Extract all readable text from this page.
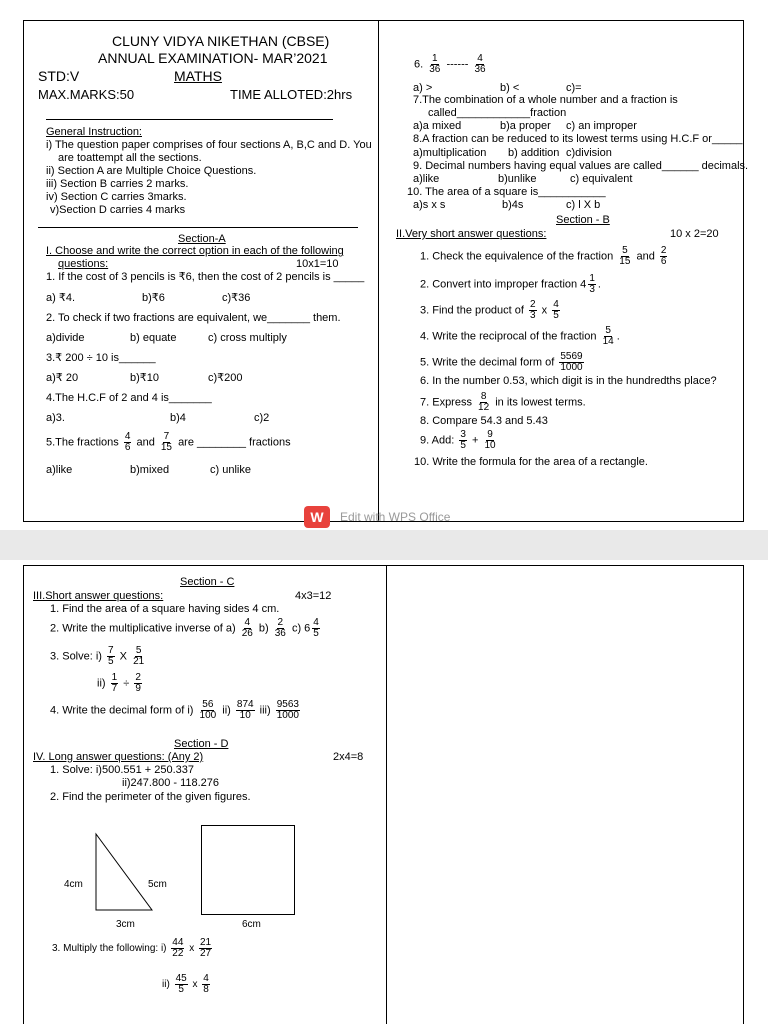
CLUNY VIDYA NIKETHAN (CBSE)
ANNUAL EXAMINATION- MAR’2021
STD:V	MATHS
MAX.MARKS:50	TIME ALLOTED:2hrs
General Instruction:
i) The question paper comprises of four sections A, B,C and D. You
are toattempt all the sections.
ii) Section A are Multiple Choice Questions.
iii) Section B carries 2 marks.
iv) Section C carries 3marks.
v)Section D carries 4 marks
Section-A
I. Choose and write the correct option in each of the following
questions:	10x1=10
1. If the cost of 3 pencils is ₹6, then the cost of 2 pencils is _____
a) ₹4.	b)₹6	c)₹36
2. To check if two fractions are equivalent, we_______ them.
a)divide	b) equate	c) cross multiply
3.₹ 200 ÷ 10 is______
a)₹ 20	b)₹10	c)₹200
4.The H.C.F of 2 and 4 is_______
a)3.	b)4	c)2
5.The fractions $\frac{4}{6}$ and $\frac{7}{15}$ are ________ fractions
a)like	b)mixed	c) unlike
6. $\frac{1}{36}$ ------ $\frac{4}{36}$
a) >	b) <	c)=
7.The combination of a whole number and a fraction is
called____________fraction
a)a mixed	b)a proper c) an improper
8.A fraction can be reduced to its lowest terms using H.C.F or_____
a)multiplication b) addition c)division
9. Decimal numbers having equal values are called______ decimals.
a)like	b)unlike	c) equivalent
10. The area of a square is___________
a)s x s	b)4s	c) l X b
Section - B
II.Very short answer questions:	10 x 2=20
1. Check the equivalence of the fraction $\frac{5}{15}$ and $\frac{2}{6}$
2. Convert into improper fraction $4 \frac{1}{3}$ .
3. Find the product of $\frac{2}{3}$ x $\frac{4}{5}$
4. Write the reciprocal of the fraction $\frac{5}{14}$ .
5. Write the decimal form of $\frac{5569}{1000}$
6. In the number 0.53, which digit is in the hundredths place?
7. Express $\frac{8}{12}$ in its lowest terms.
8. Compare 54.3 and 5.43
9. Add: $\frac{3}{5} + \frac{9}{10}$
10. Write the formula for the area of a rectangle.
W	Edit with WPS Office
Section - C
III.Short answer questions:	4x3=12
1. Find the area of a square having sides 4 cm.
2. Write the multiplicative inverse of $a) \frac{4}{26} b) \frac{2}{36} c$) $6 \frac{4}{5}$
3. Solve: $i) \frac{7}{5}$ X $\frac{5}{21}$
$ii) \frac{1}{7} \div \frac{2}{9}$
4. Write the decimal form of $i) \frac{56}{100} ii) \frac{874}{10} iii) \frac{9563}{1000}$
Section - D
IV. Long answer questions: (Any 2)	2x4=8
1. Solve: i)500.551 + 250.337
ii)247.800 - 118.276
2. Find the perimeter of the given figures.
4cm	5cm
3cm	6cm
3. Multiply the following: $i) \frac{44}{22}$ x $\frac{21}{27}$
$ii) \frac{45}{5}$ x $\frac{4}{8}$
